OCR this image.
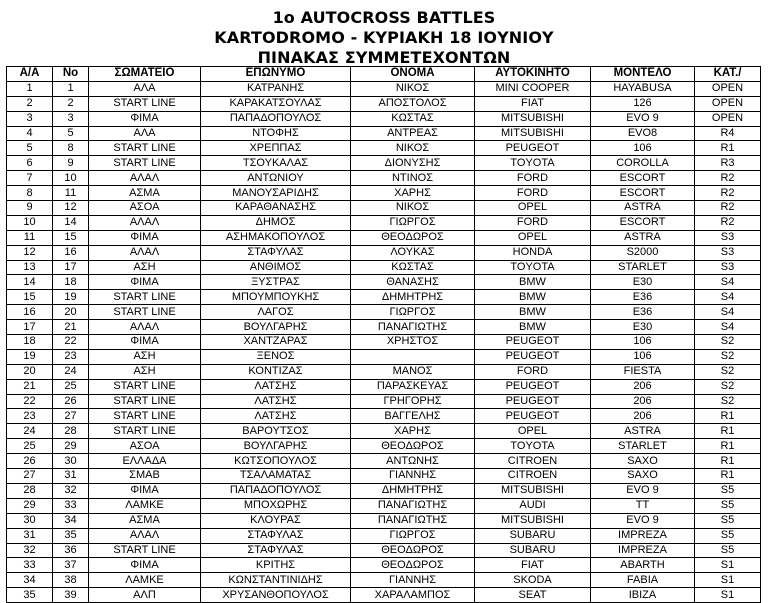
1o AUTOCROSS BATTLES
KARTODROMO - ΚΥΡΙΑΚΗ 18 ΙΟΥΝΙΟΥ
ΠΙΝΑΚΑΣ ΣΥΜΜΕΤΕΧΟΝΤΩΝ
Α/Α	No	ΣΩΜΑΤΕΙΟ	ΕΠΩΝΥΜΟ	ΟΝΟΜΑ	ΑΥΤΟΚΙΝΗΤΟ	ΜΟΝΤΕΛΟ	ΚΑΤ./
1	1	ΑΛΑ	ΚΑΤΡΑΝΗΣ	ΝΙΚΟΣ	MINI COOPER	HAYABUSA	OPEN
2	2	START LINE	ΚΑΡΑΚΑΤΣΟΥΛΑΣ	ΑΠΟΣΤΟΛΟΣ	FIAT	126	OPEN
3	3	ΦΙΜΑ	ΠΑΠΑΔΟΠΟΥΛΟΣ	ΚΩΣΤΑΣ	MITSUBISHI	EVO 9	OPEN
4	5	ΑΛΑ	ΝΤΟΦΗΣ	ΑΝΤΡΕΑΣ	MITSUBISHI	EVO8	R4
5	8	START LINE	ΧΡΕΠΠΑΣ	ΝΙΚΟΣ	PEUGEOT	106	R1
6	9	START LINE	ΤΣΟΥΚΑΛΑΣ	ΔΙΟΝΥΣΗΣ	TOYOTA	COROLLA	R3
7	10	ΑΛΑΛ	ΑΝΤΩΝΙΟΥ	ΝΤΙΝΟΣ	FORD	ESCORT	R2
8	11	ΑΣΜΑ	ΜΑΝΟΥΣΑΡΙΔΗΣ	ΧΑΡΗΣ	FORD	ESCORT	R2
9	12	ΑΣΟΑ	ΚΑΡΑΘΑΝΑΣΗΣ	ΝΙΚΟΣ	OPEL	ASTRA	R2
10	14	ΑΛΑΛ	ΔΗΜΟΣ	ΓΙΩΡΓΟΣ	FORD	ESCORT	R2
11	15	ΦΙΜΑ	ΑΣΗΜΑΚΟΠΟΥΛΟΣ	ΘΕΟΔΩΡΟΣ	OPEL	ASTRA	S3
12	16	ΑΛΑΛ	ΣΤΑΦΥΛΑΣ	ΛΟΥΚΑΣ	HONDA	S2000	S3
13	17	ΑΣΗ	ΑΝΘΙΜΟΣ	ΚΩΣΤΑΣ	TOYOTA	STARLET	S3
14	18	ΦΙΜΑ	ΞΥΣΤΡΑΣ	ΘΑΝΑΣΗΣ	BMW	E30	S4
15	19	START LINE	ΜΠΟΥΜΠΟΥΚΗΣ	ΔΗΜΗΤΡΗΣ	BMW	E36	S4
16	20	START LINE	ΛΑΓΟΣ	ΓΙΩΡΓΟΣ	BMW	E36	S4
17	21	ΑΛΑΛ	ΒΟΥΛΓΑΡΗΣ	ΠΑΝΑΓΙΩΤΗΣ	BMW	E30	S4
18	22	ΦΙΜΑ	ΧΑΝΤΖΑΡΑΣ	ΧΡΗΣΤΟΣ	PEUGEOT	106	S2
19	23	ΑΣΗ	ΞΕΝΟΣ		PEUGEOT	106	S2
20	24	ΑΣΗ	ΚΟΝΤΙΖΑΣ	ΜΑΝΟΣ	FORD	FIESTA	S2
21	25	START LINE	ΛΑΤΣΗΣ	ΠΑΡΑΣΚΕΥΑΣ	PEUGEOT	206	S2
22	26	START LINE	ΛΑΤΣΗΣ	ΓΡΗΓΟΡΗΣ	PEUGEOT	206	S2
23	27	START LINE	ΛΑΤΣΗΣ	ΒΑΓΓΕΛΗΣ	PEUGEOT	206	R1
24	28	START LINE	ΒΑΡΟΥΤΣΟΣ	ΧΑΡΗΣ	OPEL	ASTRA	R1
25	29	ΑΣΟΑ	ΒΟΥΛΓΑΡΗΣ	ΘΕΟΔΩΡΟΣ	TOYOTA	STARLET	R1
26	30	ΕΛΛΑΔΑ	ΚΩΤΣΟΠΟΥΛΟΣ	ΑΝΤΩΝΗΣ	CITROEN	SAXO	R1
27	31	ΣΜΑΒ	ΤΣΑΛΑΜΑΤΑΣ	ΓΙΑΝΝΗΣ	CITROEN	SAXO	R1
28	32	ΦΙΜΑ	ΠΑΠΑΔΟΠΟΥΛΟΣ	ΔΗΜΗΤΡΗΣ	MITSUBISHI	EVO 9	S5
29	33	ΛΑΜΚΕ	ΜΠΟΧΩΡΗΣ	ΠΑΝΑΓΙΩΤΗΣ	AUDI	TT	S5
30	34	ΑΣΜΑ	ΚΛΟΥΡΑΣ	ΠΑΝΑΓΙΩΤΗΣ	MITSUBISHI	EVO 9	S5
31	35	ΑΛΑΛ	ΣΤΑΦΥΛΑΣ	ΓΙΩΡΓΟΣ	SUBARU	IMPREZA	S5
32	36	START LINE	ΣΤΑΦΥΛΑΣ	ΘΕΟΔΩΡΟΣ	SUBARU	IMPREZA	S5
33	37	ΦΙΜΑ	ΚΡΙΤΗΣ	ΘΕΟΔΩΡΟΣ	FIAT	ABARTH	S1
34	38	ΛΑΜΚΕ	ΚΩΝΣΤΑΝΤΙΝΙΔΗΣ	ΓΙΑΝΝΗΣ	SKODA	FABIA	S1
35	39	ΑΛΠ	ΧΡΥΣΑΝΘΟΠΟΥΛΟΣ	ΧΑΡΑΛΑΜΠΟΣ	SEAT	IBIZA	S1
